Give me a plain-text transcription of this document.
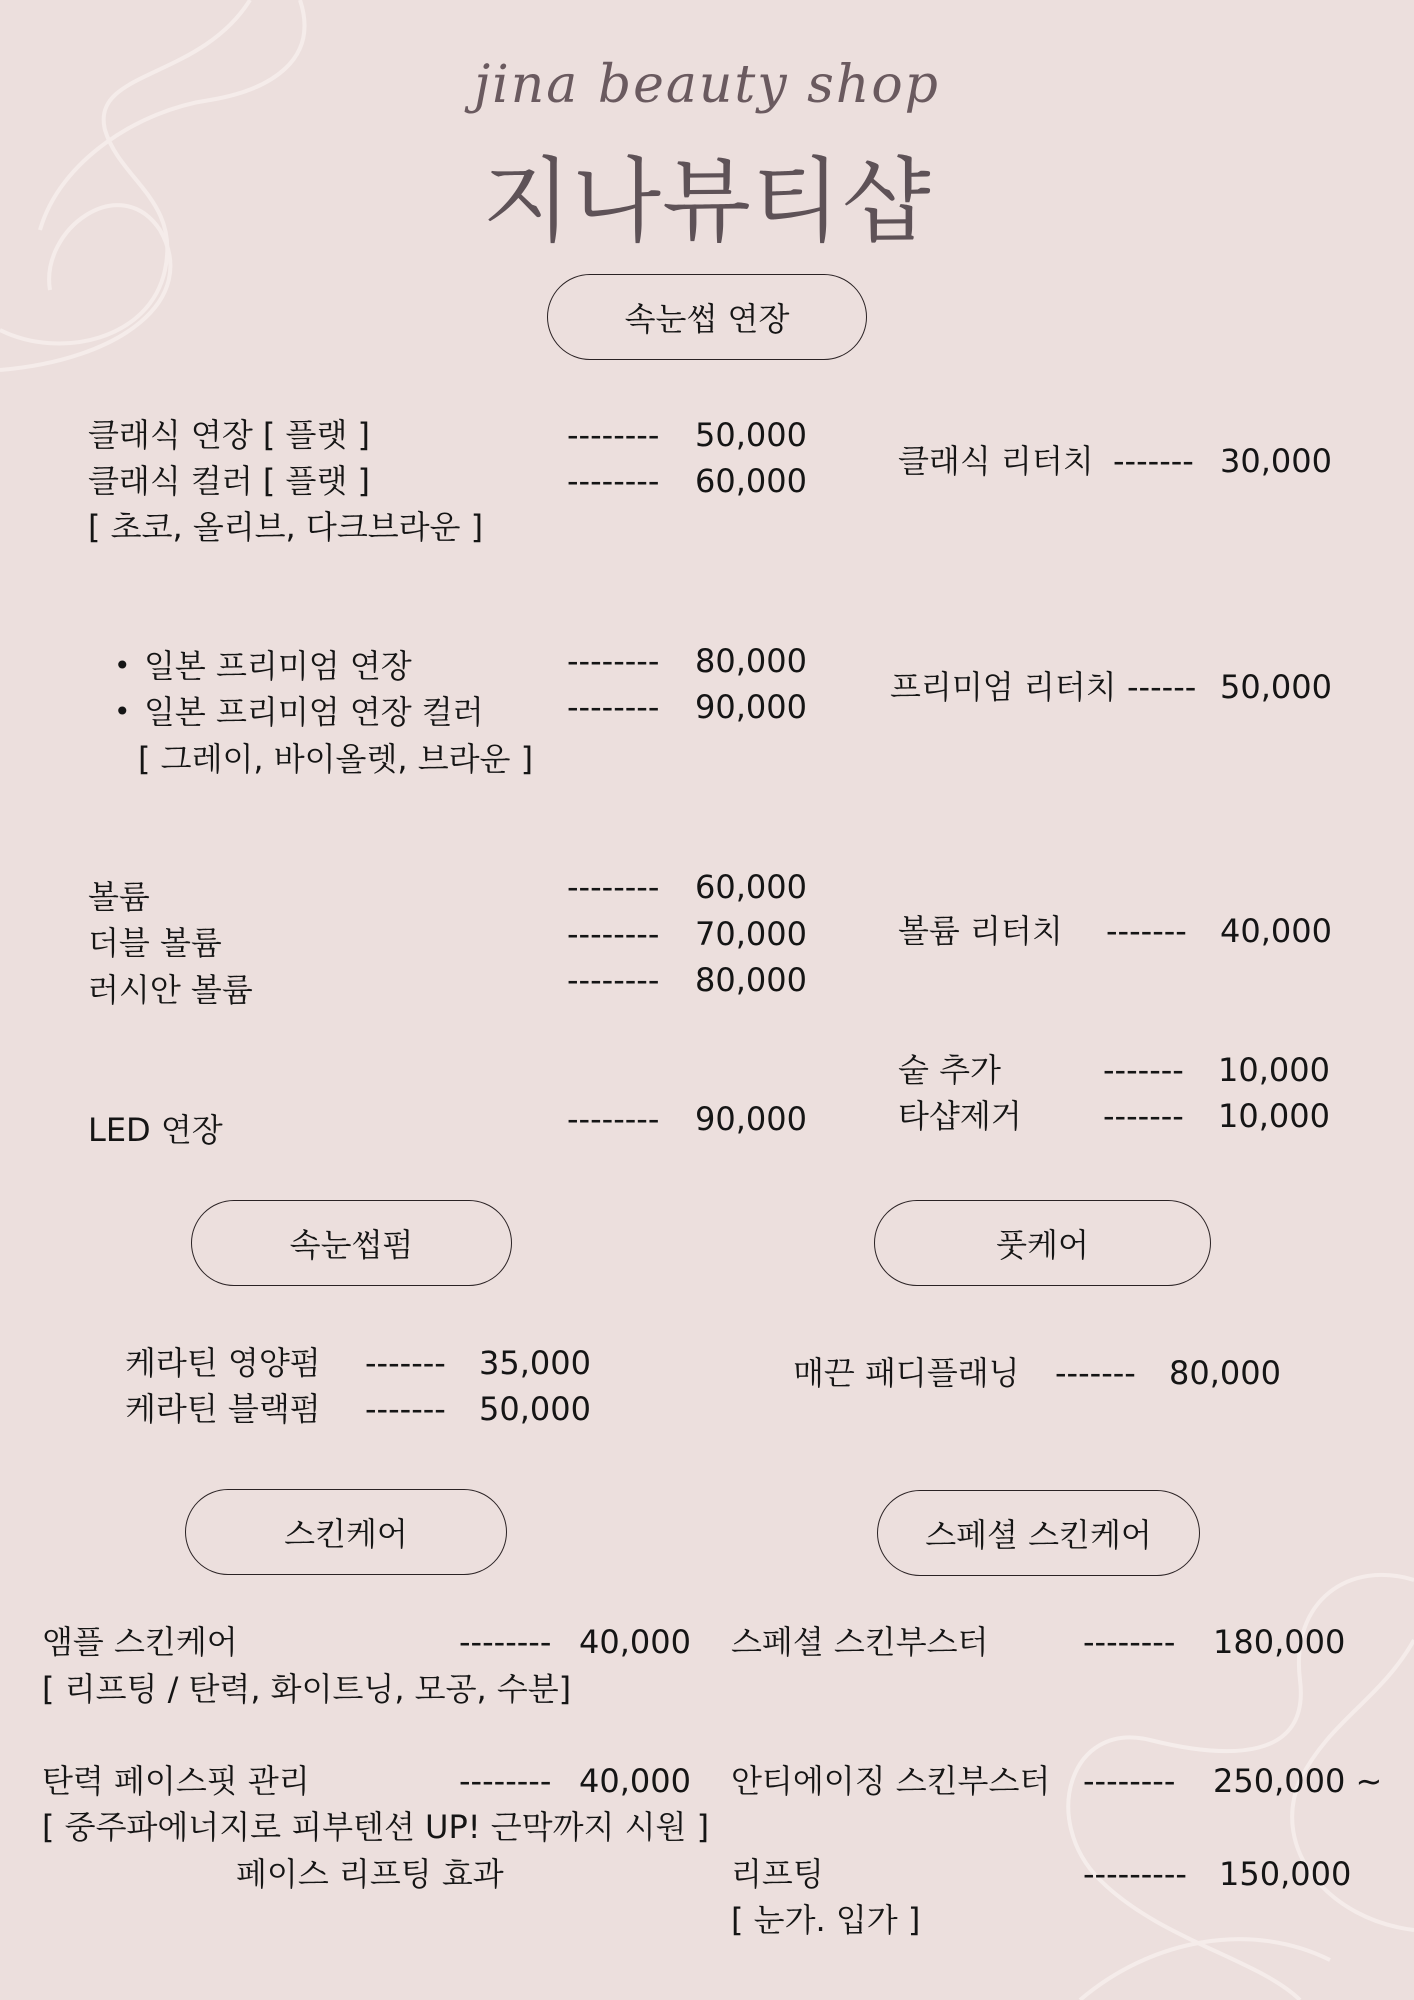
jina beauty shop
지나뷰티샵
속눈썹 연장
클래식 연장 [ 플랫 ]	-------- 50,000
클래식 컬러 [ 플랫 ]	-------- 60,000
[ 초코, 올리브, 다크브라운 ]
클래식 리터치 ------- 30,000
• 일본 프리미엄 연장	-------- 80,000
• 일본 프리미엄 연장 컬러	-------- 90,000
[ 그레이, 바이올렛, 브라운 ]
프리미엄 리터치 ------ 50,000
볼륨	-------- 60,000
더블 볼륨	-------- 70,000
러시안 볼륨	-------- 80,000
볼륨 리터치 ------- 40,000
숱 추가	------- 10,000
타샵제거	------- 10,000
LED 연장	-------- 90,000
속눈썹펌	풋케어
케라틴 영양펌 ------- 35,000
케라틴 블랙펌 ------- 50,000
매끈 패디플래닝 ------- 80,000
스킨케어	스페셜 스킨케어
앰플 스킨케어	-------- 40,000
[ 리프팅 / 탄력, 화이트닝, 모공, 수분]
탄력 페이스핏 관리	-------- 40,000
[ 중주파에너지로 피부텐션 UP! 근막까지 시원 ]
페이스 리프팅 효과
스페셜 스킨부스터	-------- 180,000
안티에이징 스킨부스터 -------- 250,000 ~
리프팅	--------- 150,000
[ 눈가. 입가 ]
